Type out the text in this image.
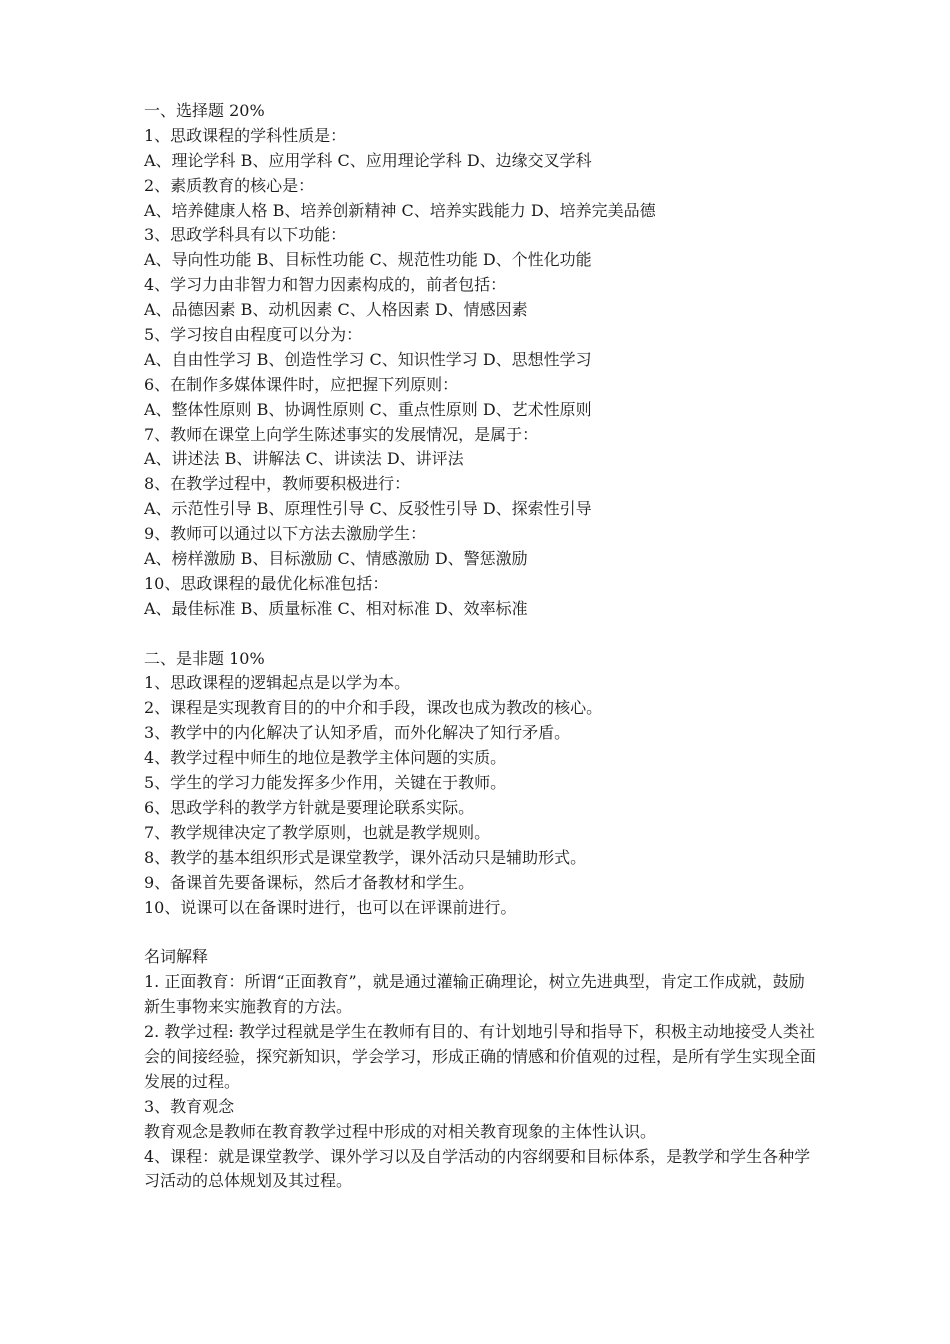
一、选择题 20%
1、思政课程的学科性质是：
A、理论学科 B、应用学科 C、应用理论学科 D、边缘交叉学科
2、素质教育的核心是：
A、培养健康人格 B、培养创新精神 C、培养实践能力 D、培养完美品德
3、思政学科具有以下功能：
A、导向性功能 B、目标性功能 C、规范性功能 D、个性化功能
4、学习力由非智力和智力因素构成的，前者包括：
A、品德因素 B、动机因素 C、人格因素 D、情感因素
5、学习按自由程度可以分为：
A、自由性学习 B、创造性学习 C、知识性学习 D、思想性学习
6、在制作多媒体课件时，应把握下列原则：
A、整体性原则 B、协调性原则 C、重点性原则 D、艺术性原则
7、教师在课堂上向学生陈述事实的发展情况，是属于：
A、讲述法 B、讲解法 C、讲读法 D、讲评法
8、在教学过程中，教师要积极进行：
A、示范性引导 B、原理性引导 C、反驳性引导 D、探索性引导
9、教师可以通过以下方法去激励学生：
A、榜样激励 B、目标激励 C、情感激励 D、警惩激励
10、思政课程的最优化标准包括：
A、最佳标准 B、质量标准 C、相对标准 D、效率标准
二、是非题 10%
1、思政课程的逻辑起点是以学为本。
2、课程是实现教育目的的中介和手段，课改也成为教改的核心。
3、教学中的内化解决了认知矛盾，而外化解决了知行矛盾。
4、教学过程中师生的地位是教学主体问题的实质。
5、学生的学习力能发挥多少作用，关键在于教师。
6、思政学科的教学方针就是要理论联系实际。
7、教学规律决定了教学原则，也就是教学规则。
8、教学的基本组织形式是课堂教学，课外活动只是辅助形式。
9、备课首先要备课标，然后才备教材和学生。
10、说课可以在备课时进行，也可以在评课前进行。
名词解释

1. 正面教育：所谓“正面教育”，就是通过灌输正确理论，树立先进典型，肯定工作成就，鼓励新生事物来实施教育的方法。

2. 教学过程: 教学过程就是学生在教师有目的、有计划地引导和指导下，积极主动地接受人类社会的间接经验，探究新知识，学会学习，形成正确的情感和价值观的过程，是所有学生实现全面发展的过程。

3、教育观念

教育观念是教师在教育教学过程中形成的对相关教育现象的主体性认识。

4、课程：就是课堂教学、课外学习以及自学活动的内容纲要和目标体系，是教学和学生各种学习活动的总体规划及其过程。
